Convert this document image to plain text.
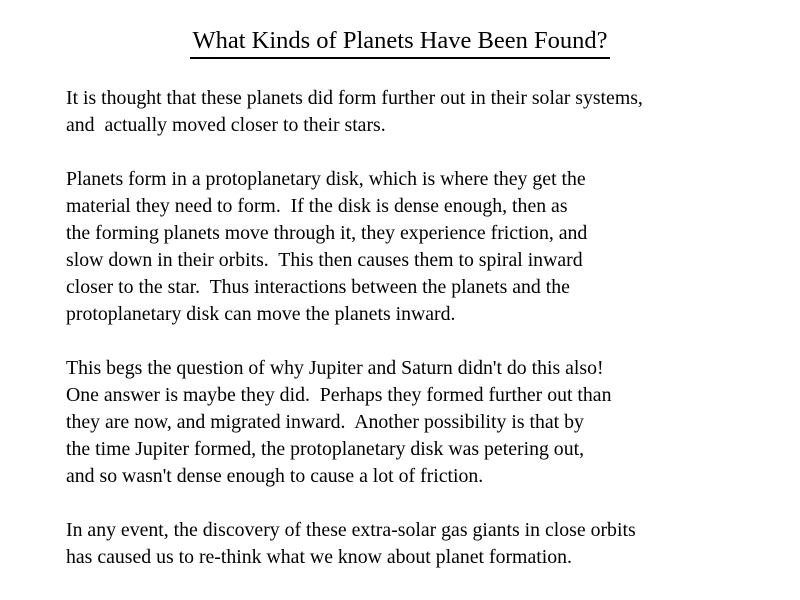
What Kinds of Planets Have Been Found?

It is thought that these planets did form further out in their solar systems,
and  actually moved closer to their stars.

Planets form in a protoplanetary disk, which is where they get the
material they need to form.  If the disk is dense enough, then as
the forming planets move through it, they experience friction, and
slow down in their orbits.  This then causes them to spiral inward
closer to the star.  Thus interactions between the planets and the
protoplanetary disk can move the planets inward.

This begs the question of why Jupiter and Saturn didn't do this also!
One answer is maybe they did.  Perhaps they formed further out than
they are now, and migrated inward.  Another possibility is that by
the time Jupiter formed, the protoplanetary disk was petering out,
and so wasn't dense enough to cause a lot of friction.

In any event, the discovery of these extra-solar gas giants in close orbits
has caused us to re-think what we know about planet formation.
